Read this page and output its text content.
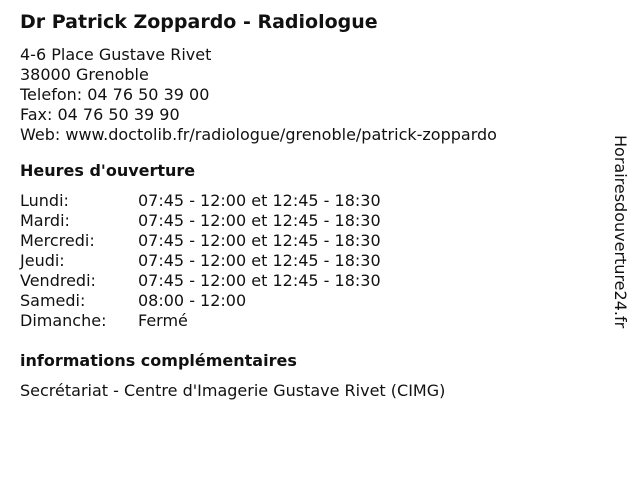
Dr Patrick Zoppardo - Radiologue
4-6 Place Gustave Rivet
38000 Grenoble
Telefon: 04 76 50 39 00
Fax: 04 76 50 39 90
Web: www.doctolib.fr/radiologue/grenoble/patrick-zoppardo
Heures d'ouverture
Lundi:	07:45 - 12:00 et 12:45 - 18:30
Mardi:	07:45 - 12:00 et 12:45 - 18:30
Mercredi:	07:45 - 12:00 et 12:45 - 18:30
Jeudi:	07:45 - 12:00 et 12:45 - 18:30
Vendredi:	07:45 - 12:00 et 12:45 - 18:30
Samedi:	08:00 - 12:00
Dimanche:	Fermé
informations complémentaires
Secrétariat - Centre d'Imagerie Gustave Rivet (CIMG)
Horairesdouverture24.fr
